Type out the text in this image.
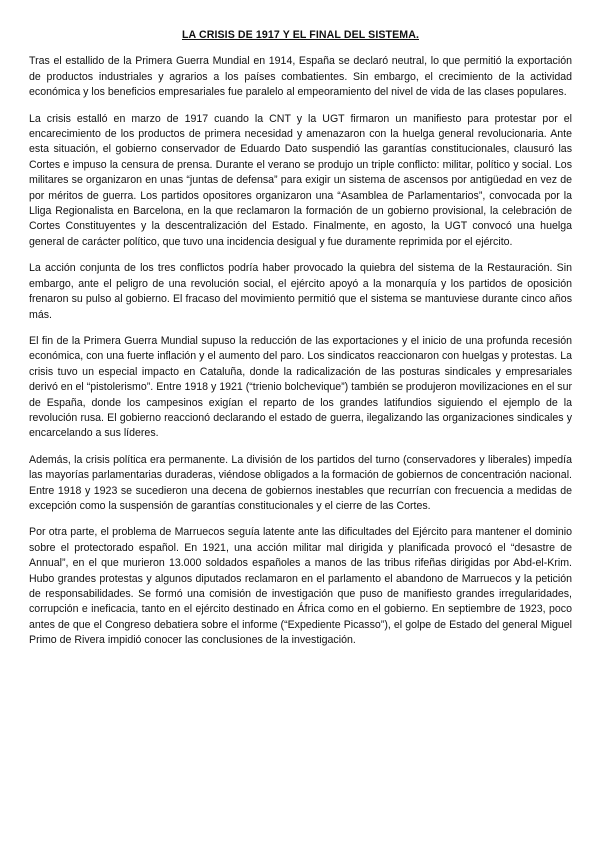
LA CRISIS DE 1917 Y EL FINAL DEL SISTEMA.

Tras el estallido de la Primera Guerra Mundial en 1914, España se declaró neutral, lo que permitió la exportación de productos industriales y agrarios a los países combatientes. Sin embargo, el crecimiento de la actividad económica y los beneficios empresariales fue paralelo al empeoramiento del nivel de vida de las clases populares.

La crisis estalló en marzo de 1917 cuando la CNT y la UGT firmaron un manifiesto para protestar por el encarecimiento de los productos de primera necesidad y amenazaron con la huelga general revolucionaria. Ante esta situación, el gobierno conservador de Eduardo Dato suspendió las garantías constitucionales, clausuró las Cortes e impuso la censura de prensa. Durante el verano se produjo un triple conflicto: militar, político y social. Los militares se organizaron en unas “juntas de defensa” para exigir un sistema de ascensos por antigüedad en vez de por méritos de guerra. Los partidos opositores organizaron una “Asamblea de Parlamentarios”, convocada por la Lliga Regionalista en Barcelona, en la que reclamaron la formación de un gobierno provisional, la celebración de Cortes Constituyentes y la descentralización del Estado. Finalmente, en agosto, la UGT convocó una huelga general de carácter político, que tuvo una incidencia desigual y fue duramente reprimida por el ejército.

La acción conjunta de los tres conflictos podría haber provocado la quiebra del sistema de la Restauración. Sin embargo, ante el peligro de una revolución social, el ejército apoyó a la monarquía y los partidos de oposición frenaron su pulso al gobierno. El fracaso del movimiento permitió que el sistema se mantuviese durante cinco años más.

El fin de la Primera Guerra Mundial supuso la reducción de las exportaciones y el inicio de una profunda recesión económica, con una fuerte inflación y el aumento del paro. Los sindicatos reaccionaron con huelgas y protestas. La crisis tuvo un especial impacto en Cataluña, donde la radicalización de las posturas sindicales y empresariales derivó en el “pistolerismo”. Entre 1918 y 1921 (“trienio bolchevique”) también se produjeron movilizaciones en el sur de España, donde los campesinos exigían el reparto de los grandes latifundios siguiendo el ejemplo de la revolución rusa. El gobierno reaccionó declarando el estado de guerra, ilegalizando las organizaciones sindicales y encarcelando a sus líderes.

Además, la crisis política era permanente. La división de los partidos del turno (conservadores y liberales) impedía las mayorías parlamentarias duraderas, viéndose obligados a la formación de gobiernos de concentración nacional. Entre 1918 y 1923 se sucedieron una decena de gobiernos inestables que recurrían con frecuencia a medidas de excepción como la suspensión de garantías constitucionales y el cierre de las Cortes.

Por otra parte, el problema de Marruecos seguía latente ante las dificultades del Ejército para mantener el dominio sobre el protectorado español. En 1921, una acción militar mal dirigida y planificada provocó el “desastre de Annual”, en el que murieron 13.000 soldados españoles a manos de las tribus rifeñas dirigidas por Abd-el-Krim. Hubo grandes protestas y algunos diputados reclamaron en el parlamento el abandono de Marruecos y la petición de responsabilidades. Se formó una comisión de investigación que puso de manifiesto grandes irregularidades, corrupción e ineficacia, tanto en el ejército destinado en África como en el gobierno. En septiembre de 1923, poco antes de que el Congreso debatiera sobre el informe (“Expediente Picasso”), el golpe de Estado del general Miguel Primo de Rivera impidió conocer las conclusiones de la investigación.
